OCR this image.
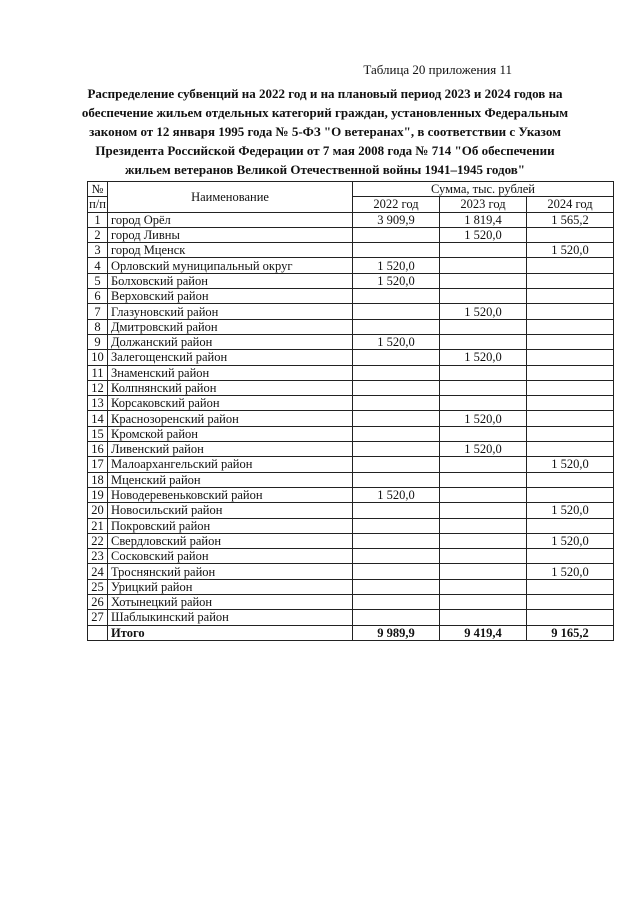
Таблица 20 приложения 11
Распределение субвенций на 2022 год и на плановый период 2023 и 2024 годов на обеспечение жильем отдельных категорий граждан, установленных Федеральным законом от 12 января 1995 года № 5-ФЗ "О ветеранах", в соответствии с Указом Президента Российской Федерации от 7 мая 2008 года № 714 "Об обеспечении жильем ветеранов Великой Отечественной войны 1941–1945 годов"
№	Наименование	Сумма, тыс. рублей		
п/п		2022 год	2023 год	2024 год
1	город Орёл	3 909,9	1 819,4	1 565,2
2	город Ливны		1 520,0	
3	город Мценск			1 520,0
4	Орловский муниципальный округ	1 520,0		
5	Болховский район	1 520,0		
6	Верховский район			
7	Глазуновский район		1 520,0	
8	Дмитровский район			
9	Должанский район	1 520,0		
10	Залегощенский район		1 520,0	
11	Знаменский район			
12	Колпнянский район			
13	Корсаковский район			
14	Краснозоренский район		1 520,0	
15	Кромской район			
16	Ливенский район		1 520,0	
17	Малоархангельский район			1 520,0
18	Мценский район			
19	Новодеревеньковский район	1 520,0		
20	Новосильский район			1 520,0
21	Покровский район			
22	Свердловский район			1 520,0
23	Сосковский район			
24	Троснянский район			1 520,0
25	Урицкий район			
26	Хотынецкий район			
27	Шаблыкинский район			
	Итого	9 989,9	9 419,4	9 165,2
